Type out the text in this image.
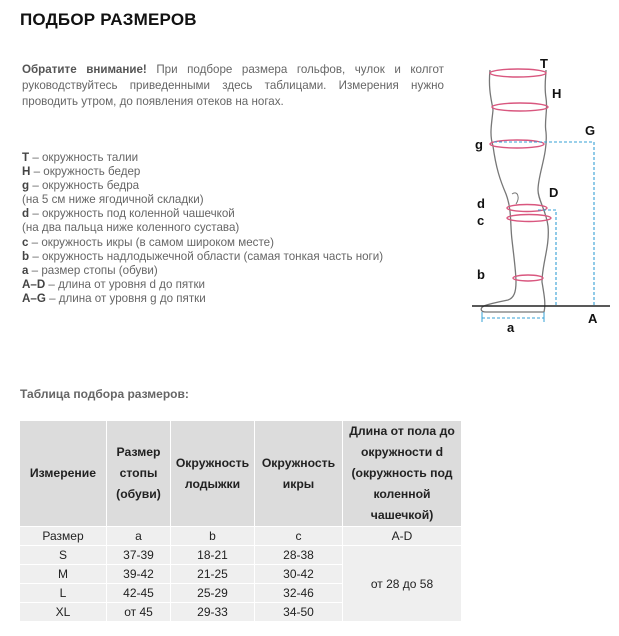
ПОДБОР РАЗМЕРОВ
Обратите внимание! При подборе размера гольфов, чулок и колгот руководствуйтесь приведенными здесь таблицами. Измерения нужно проводить утром, до появления отеков на ногах.
T – окружность талии
H – окружность бедер
g – окружность бедра
(на 5 см ниже ягодичной складки)
d – окружность под коленной чашечкой
(на два пальца ниже коленного сустава)
c – окружность икры (в самом широком месте)
b – окружность надлодыжечной области (самая тонкая часть ноги)
a – размер стопы (обуви)
A–D – длина от уровня d до пятки
A–G – длина от уровня g до пятки
T
H
G
g
D
d
c
b
A
a
Таблица подбора размеров:
Измерение	Размер стопы (обуви)	Окружность лодыжки	Окружность икры	Длина от пола до окружности d (окружность под коленной чашечкой)
Размер	a	b	c	A-D
S	37-39	18-21	28-38	от 28 до 58
M	39-42	21-25	30-42	
L	42-45	25-29	32-46	
XL	от 45	29-33	34-50	
